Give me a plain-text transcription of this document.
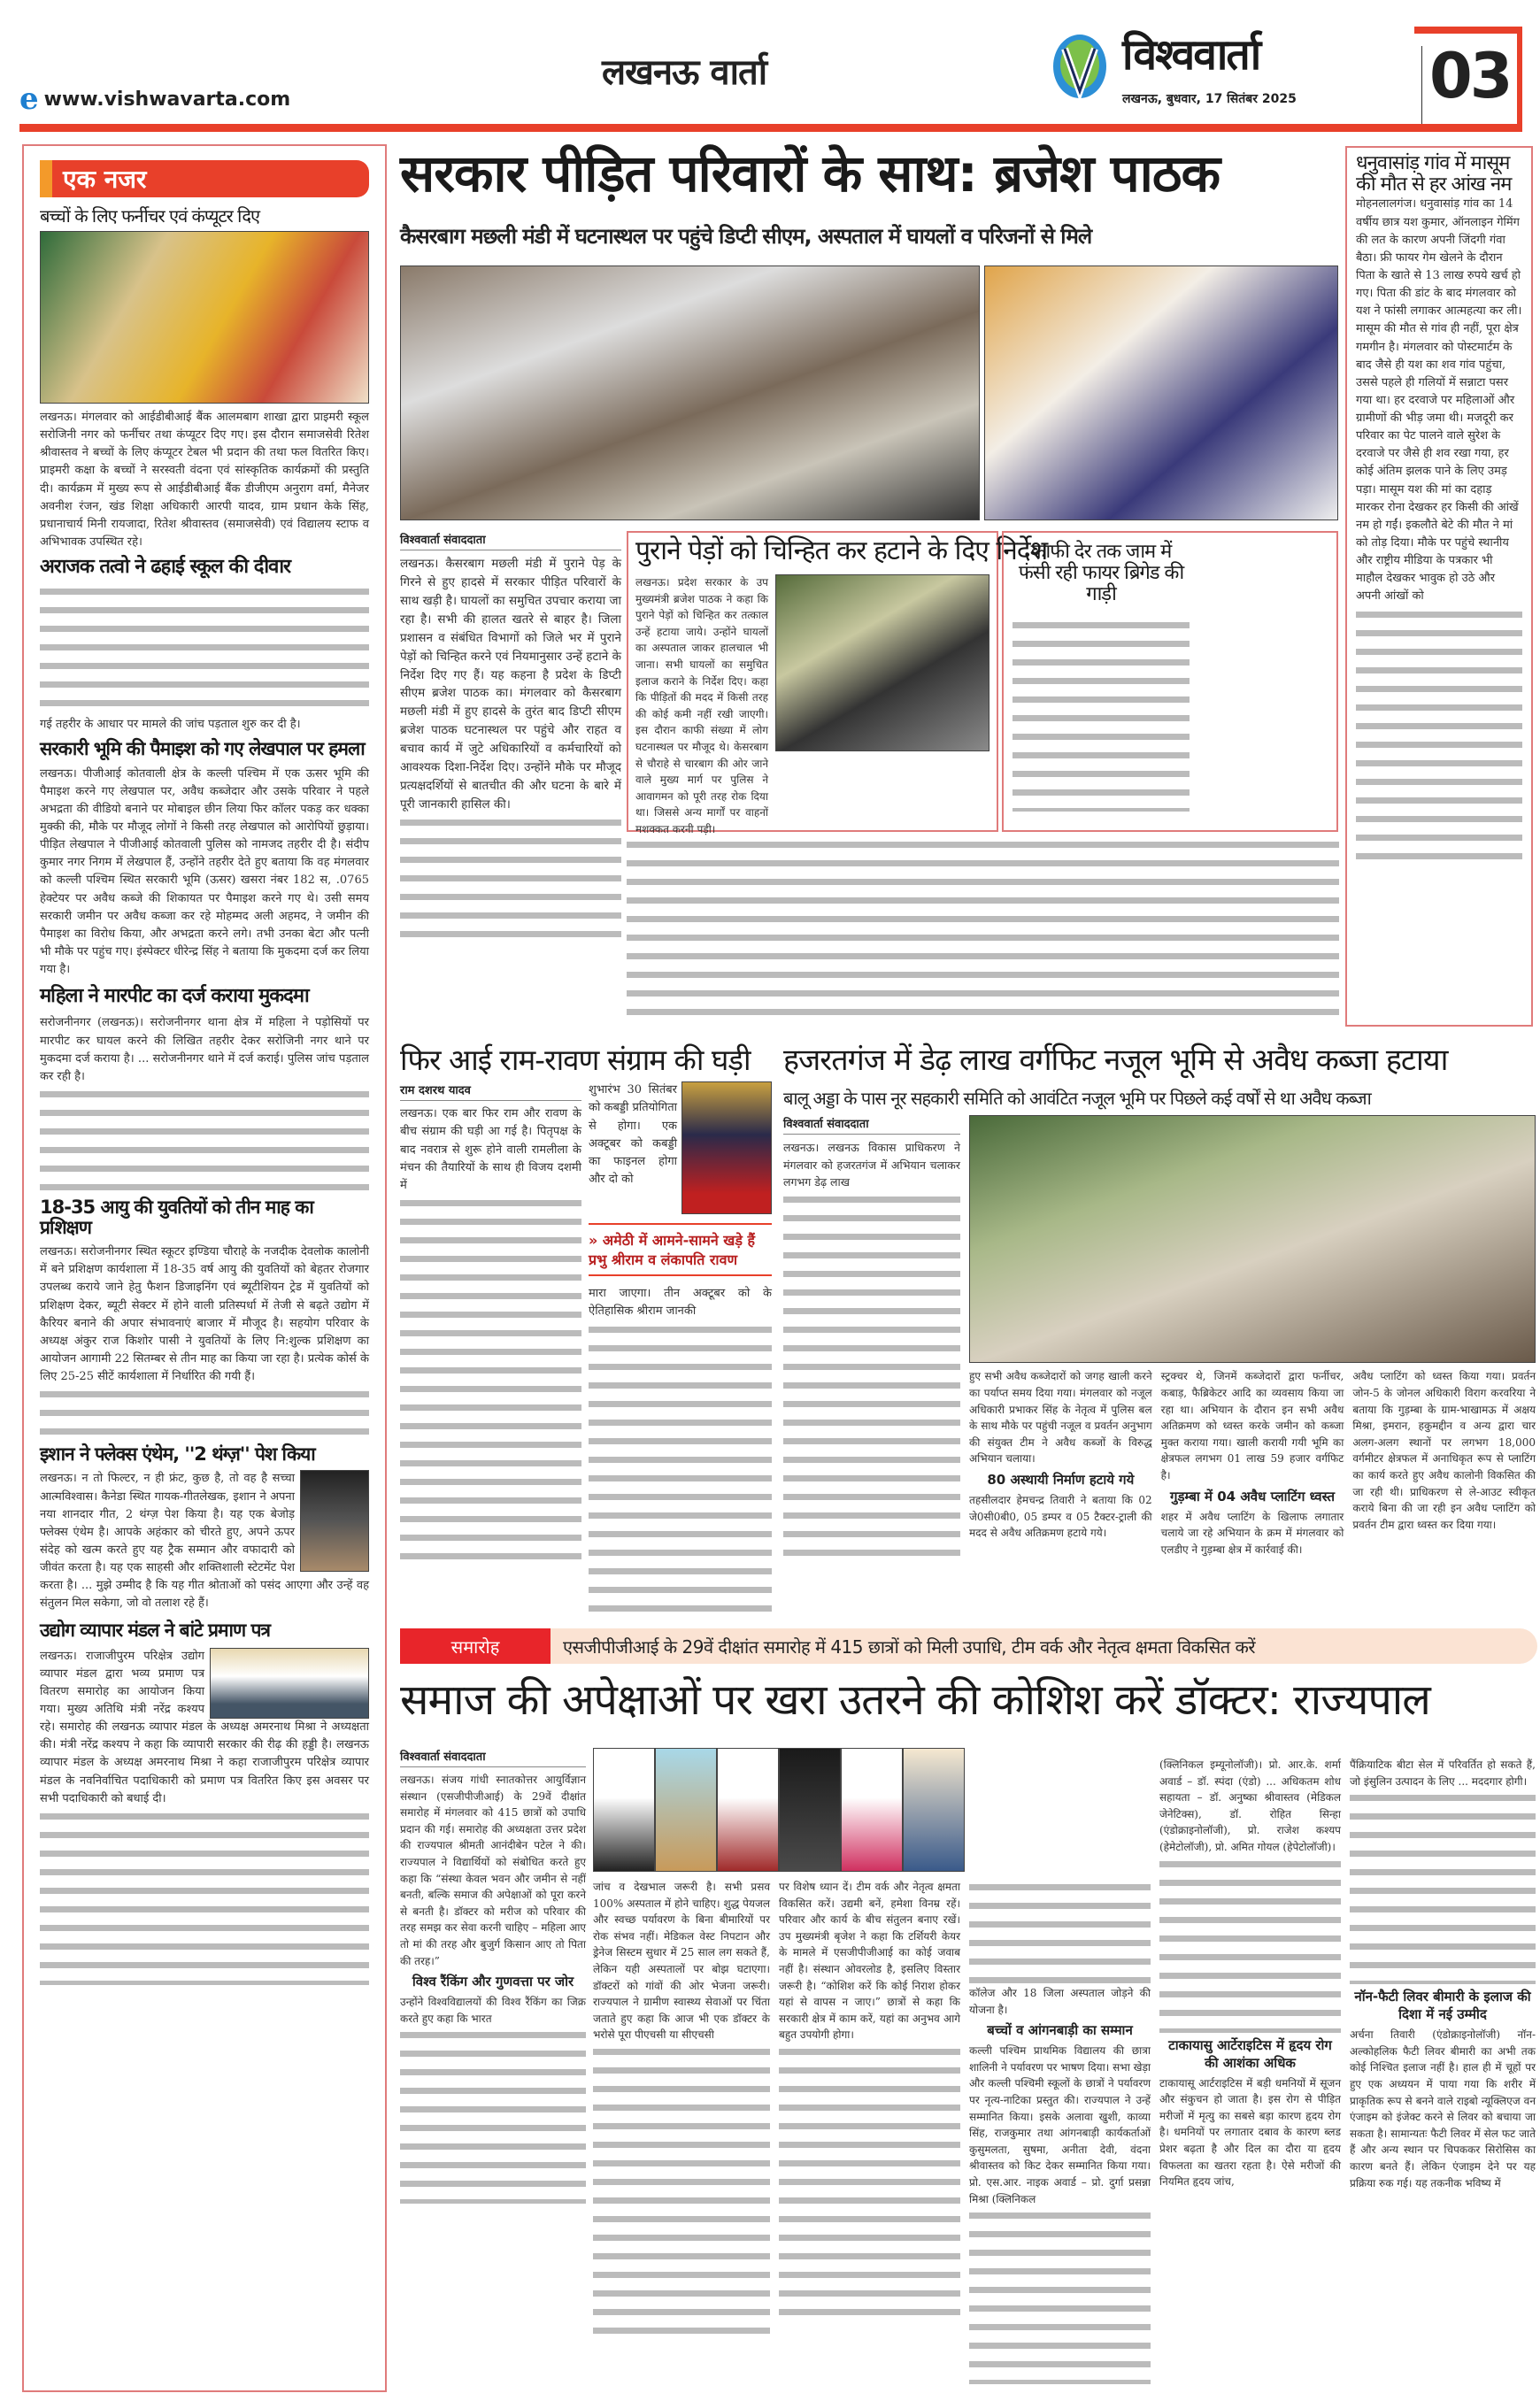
लखनऊ वार्ता
e www.vishwavarta.com
विश्ववार्ता
लखनऊ, बुधवार, 17 सितंबर 2025 03
एक नजर
बच्चों के लिए फर्नीचर एवं कंप्यूटर दिए

लखनऊ। मंगलवार को आईडीबीआई बैंक आलमबाग शाखा द्वारा प्राइमरी स्कूल सरोजिनी नगर को फर्नीचर तथा कंप्यूटर दिए गए। इस दौरान समाजसेवी रितेश श्रीवास्तव ने बच्चों के लिए कंप्यूटर टेबल भी प्रदान की तथा फल वितरित किए। प्राइमरी कक्षा के बच्चों ने सरस्वती वंदना एवं सांस्कृतिक कार्यक्रमों की प्रस्तुति दी। कार्यक्रम में मुख्य रूप से आईडीबीआई बैंक डीजीएम अनुराग वर्मा, मैनेजर अवनीश रंजन, खंड शिक्षा अधिकारी आरपी यादव, ग्राम प्रधान केके सिंह, प्रधानाचार्य मिनी रायजादा, रितेश श्रीवास्तव (समाजसेवी) एवं विद्यालय स्टाफ व अभिभावक उपस्थित रहे।

अराजक तत्वो ने ढहाई स्कूल की दीवार

गई तहरीर के आधार पर मामले की जांच पड़ताल शुरु कर दी है।

सरकारी भूमि की पैमाइश को गए लेखपाल पर हमला

लखनऊ। पीजीआई कोतवाली क्षेत्र के कल्ली पश्चिम में एक ऊसर भूमि की पैमाइश करने गए लेखपाल पर, अवैध कब्जेदार और उसके परिवार ने पहले अभद्रता की वीडियो बनाने पर मोबाइल छीन लिया फिर कॉलर पकड़ कर धक्का मुक्की की, मौके पर मौजूद लोगों ने किसी तरह लेखपाल को आरोपियों छुड़ाया। पीड़ित लेखपाल ने पीजीआई कोतवाली पुलिस को नामजद तहरीर दी है। संदीप कुमार नगर निगम में लेखपाल हैं, उन्होंने तहरीर देते हुए बताया कि वह मंगलवार को कल्ली पश्चिम स्थित सरकारी भूमि (ऊसर) खसरा नंबर 182 स, .0765 हेक्टेयर पर अवैध कब्जे की शिकायत पर पैमाइश करने गए थे। उसी समय सरकारी जमीन पर अवैध कब्जा कर रहे मोहम्मद अली अहमद, ने जमीन की पैमाइश का विरोध किया, और अभद्रता करने लगे। तभी उनका बेटा और पत्नी भी मौके पर पहुंच गए। इंस्पेक्टर धीरेन्द्र सिंह ने बताया कि मुकदमा दर्ज कर लिया गया है।

महिला ने मारपीट का दर्ज कराया मुकदमा

सरोजनीनगर (लखनऊ)। सरोजनीनगर थाना क्षेत्र में महिला ने पड़ोसियों पर मारपीट कर घायल करने की लिखित तहरीर देकर सरोजिनी नगर थाने पर मुकदमा दर्ज कराया है। ... सरोजनीनगर थाने में दर्ज कराई। पुलिस जांच पड़ताल कर रही है।

18-35 आयु की युवतियों को तीन माह का प्रशिक्षण

लखनऊ। सरोजनीनगर स्थित स्कूटर इण्डिया चौराहे के नजदीक देवलोक कालोनी में बने प्रशिक्षण कार्यशाला में 18-35 वर्ष आयु की युवतियों को बेहतर रोजगार उपलब्ध कराये जाने हेतु फैशन डिजाइनिंग एवं ब्यूटीशियन ट्रेड में युवतियों को प्रशिक्षण देकर, ब्यूटी सेक्टर में होने वाली प्रतिस्पर्धा में तेजी से बढ़ते उद्योग में कैरियर बनाने की अपार संभावनाएं बाजार में मौजूद है। सहयोग परिवार के अध्यक्ष अंकुर राज किशोर पासी ने युवतियों के लिए नि:शुल्क प्रशिक्षण का आयोजन आगामी 22 सितम्बर से तीन माह का किया जा रहा है। प्रत्येक कोर्स के लिए 25-25 सीटें कार्यशाला में निर्धारित की गयी हैं।

इशान ने फ्लेक्स एंथेम, ''2 थंग्ज़'' पेश किया

लखनऊ। न तो फिल्टर, न ही फ्रंट, कुछ है, तो वह है सच्चा आत्मविश्वास। कैनेडा स्थित गायक-गीतलेखक, इशान ने अपना नया शानदार गीत, 2 थंग्ज़ पेश किया है। यह एक बेजोड़ फ्लेक्स एंथेम है। आपके अहंकार को चीरते हुए, अपने ऊपर संदेह को खत्म करते हुए यह ट्रैक सम्मान और वफादारी को जीवंत करता है। यह एक साहसी और शक्तिशाली स्टेटमेंट पेश करता है। ... मुझे उम्मीद है कि यह गीत श्रोताओं को पसंद आएगा और उन्हें वह संतुलन मिल सकेगा, जो वो तलाश रहे हैं।

उद्योग व्यापार मंडल ने बांटे प्रमाण पत्र

लखनऊ। राजाजीपुरम परिक्षेत्र उद्योग व्यापार मंडल द्वारा भव्य प्रमाण पत्र वितरण समारोह का आयोजन किया गया। मुख्य अतिथि मंत्री नरेंद्र कश्यप रहे। समारोह की लखनऊ व्यापार मंडल के अध्यक्ष अमरनाथ मिश्रा ने अध्यक्षता की। मंत्री नरेंद्र कश्यप ने कहा कि व्यापारी सरकार की रीढ़ की हड्डी है। लखनऊ व्यापार मंडल के अध्यक्ष अमरनाथ मिश्रा ने कहा राजाजीपुरम परिक्षेत्र व्यापार मंडल के नवनिर्वाचित पदाधिकारी को प्रमाण पत्र वितरित किए इस अवसर पर सभी पदाधिकारी को बधाई दी।

सरकार पीड़ित परिवारों के साथ: ब्रजेश पाठक
कैसरबाग मछली मंडी में घटनास्थल पर पहुंचे डिप्टी सीएम, अस्पताल में घायलों व परिजनों से मिले
विश्ववार्ता संवाददाता

लखनऊ। कैसरबाग मछली मंडी में पुराने पेड़ के गिरने से हुए हादसे में सरकार पीड़ित परिवारों के साथ खड़ी है। घायलों का समुचित उपचार कराया जा रहा है। सभी की हालत खतरे से बाहर है। जिला प्रशासन व संबंधित विभागों को जिले भर में पुराने पेड़ों को चिन्हित करने एवं नियमानुसार उन्हें हटाने के निर्देश दिए गए हैं। यह कहना है प्रदेश के डिप्टी सीएम ब्रजेश पाठक का। मंगलवार को कैसरबाग मछली मंडी में हुए हादसे के तुरंत बाद डिप्टी सीएम ब्रजेश पाठक घटनास्थल पर पहुंचे और राहत व बचाव कार्य में जुटे अधिकारियों व कर्मचारियों को आवश्यक दिशा-निर्देश दिए। उन्होंने मौके पर मौजूद प्रत्यक्षदर्शियों से बातचीत की और घटना के बारे में पूरी जानकारी हासिल की।

पुराने पेड़ों को चिन्हित कर हटाने के दिए निर्देश

लखनऊ। प्रदेश सरकार के उप मुख्यमंत्री ब्रजेश पाठक ने कहा कि पुराने पेड़ों को चिन्हित कर तत्काल उन्हें हटाया जाये। उन्होंने घायलों का अस्पताल जाकर हालचाल भी जाना। सभी घायलों का समुचित इलाज कराने के निर्देश दिए। कहा कि पीड़ितों की मदद में किसी तरह की कोई कमी नहीं रखी जाएगी। इस दौरान काफी संख्या में लोग घटनास्थल पर मौजूद थे। केसरबाग से चौराहे से चारबाग की ओर जाने वाले मुख्य मार्ग पर पुलिस ने आवागमन को पूरी तरह रोक दिया था। जिससे अन्य मार्गों पर वाहनों मशक्कत करनी पड़ी।

काफी देर तक जाम में फंसी रही फायर ब्रिगेड की गाड़ी
धनुवासांड़ गांव में मासूम की मौत से हर आंख नम

मोहनलालगंज। धनुवासांड़ गांव का 14 वर्षीय छात्र यश कुमार, ऑनलाइन गेमिंग की लत के कारण अपनी जिंदगी गंवा बैठा। फ्री फायर गेम खेलने के दौरान पिता के खाते से 13 लाख रुपये खर्च हो गए। पिता की डांट के बाद मंगलवार को यश ने फांसी लगाकर आत्महत्या कर ली। मासूम की मौत से गांव ही नहीं, पूरा क्षेत्र गमगीन है। मंगलवार को पोस्टमार्टम के बाद जैसे ही यश का शव गांव पहुंचा, उससे पहले ही गलियों में सन्नाटा पसर गया था। हर दरवाजे पर महिलाओं और ग्रामीणों की भीड़ जमा थी। मजदूरी कर परिवार का पेट पालने वाले सुरेश के दरवाजे पर जैसे ही शव रखा गया, हर कोई अंतिम झलक पाने के लिए उमड़ पड़ा। मासूम यश की मां का दहाड़ मारकर रोना देखकर हर किसी की आंखें नम हो गईं। इकलौते बेटे की मौत ने मां को तोड़ दिया। मौके पर पहुंचे स्थानीय और राष्ट्रीय मीडिया के पत्रकार भी माहौल देखकर भावुक हो उठे और अपनी आंखों को

फिर आई राम-रावण संग्राम की घड़ी
राम दशरथ यादव

लखनऊ। एक बार फिर राम और रावण के बीच संग्राम की घड़ी आ गई है। पितृपक्ष के बाद नवरात्र से शुरू होने वाली रामलीला के मंचन की तैयारियों के साथ ही विजय दशमी में

शुभारंभ 30 सितंबर को कबड्डी प्रतियोगिता से होगा। एक अक्टूबर को कबड्डी का फाइनल होगा और दो को

» अमेठी में आमने-सामने खड़े हैं प्रभु श्रीराम व लंकापति रावण

मारा जाएगा। तीन अक्टूबर को के ऐतिहासिक श्रीराम जानकी

हजरतगंज में डेढ़ लाख वर्गफिट नजूल भूमि से अवैध कब्जा हटाया
बालू अड्डा के पास नूर सहकारी समिति को आवंटित नजूल भूमि पर पिछले कई वर्षों से था अवैध कब्जा
विश्ववार्ता संवाददाता

लखनऊ। लखनऊ विकास प्राधिकरण ने मंगलवार को हजरतगंज में अभियान चलाकर लगभग डेढ़ लाख

हुए सभी अवैध कब्जेदारों को जगह खाली करने का पर्याप्त समय दिया गया। मंगलवार को नजूल अधिकारी प्रभाकर सिंह के नेतृत्व में पुलिस बल के साथ मौके पर पहुंची नजूल व प्रवर्तन अनुभाग की संयुक्त टीम ने अवैध कब्जों के विरुद्ध अभियान चलाया।

80 अस्थायी निर्माण हटाये गये

तहसीलदार हेमचन्द्र तिवारी ने बताया कि 02 जे0सी0बी0, 05 डम्पर व 05 टैक्टर-ट्राली की मदद से अवैध अतिक्रमण हटाये गये।

स्ट्रक्चर थे, जिनमें कब्जेदारों द्वारा फर्नीचर, कबाड़, फैब्रिकेटर आदि का व्यवसाय किया जा रहा था। अभियान के दौरान इन सभी अवैध अतिक्रमण को ध्वस्त करके जमीन को कब्जा मुक्त कराया गया। खाली करायी गयी भूमि का क्षेत्रफल लगभग 01 लाख 59 हजार वर्गफिट है।

गुड़म्बा में 04 अवैध प्लाटिंग ध्वस्त

शहर में अवैध प्लाटिंग के खिलाफ लगातार चलाये जा रहे अभियान के क्रम में मंगलवार को एलडीए ने गुड़म्बा क्षेत्र में कार्रवाई की।

अवैध प्लाटिंग को ध्वस्त किया गया। प्रवर्तन जोन-5 के जोनल अधिकारी विराग करवरिया ने बताया कि गुड़म्बा के ग्राम-भाखामऊ में अक्षय मिश्रा, इमरान, हकुमद्दीन व अन्य द्वारा चार अलग-अलग स्थानों पर लगभग 18,000 वर्गमीटर क्षेत्रफल में अनाधिकृत रूप से प्लाटिंग का कार्य करते हुए अवैध कालोनी विकसित की जा रही थी। प्राधिकरण से ले-आउट स्वीकृत कराये बिना की जा रही इन अवैध प्लाटिंग को प्रवर्तन टीम द्वारा ध्वस्त कर दिया गया।

समारोह	एसजीपीजीआई के 29वें दीक्षांत समारोह में 415 छात्रों को मिली उपाधि, टीम वर्क और नेतृत्व क्षमता विकसित करें
समाज की अपेक्षाओं पर खरा उतरने की कोशिश करें डॉक्टर: राज्यपाल
विश्ववार्ता संवाददाता

लखनऊ। संजय गांधी स्नातकोत्तर आयुर्विज्ञान संस्थान (एसजीपीजीआई) के 29वें दीक्षांत समारोह में मंगलवार को 415 छात्रों को उपाधि प्रदान की गई। समारोह की अध्यक्षता उत्तर प्रदेश की राज्यपाल श्रीमती आनंदीबेन पटेल ने की। राज्यपाल ने विद्यार्थियों को संबोधित करते हुए कहा कि “संस्था केवल भवन और जमीन से नहीं बनती, बल्कि समाज की अपेक्षाओं को पूरा करने से बनती है। डॉक्टर को मरीज को परिवार की तरह समझ कर सेवा करनी चाहिए – महिला आए तो मां की तरह और बुजुर्ग किसान आए तो पिता की तरह।”

विश्व रैंकिंग और गुणवत्ता पर जोर

उन्होंने विश्वविद्यालयों की विश्व रैंकिंग का जिक्र करते हुए कहा कि भारत

जांच व देखभाल जरूरी है। सभी प्रसव 100% अस्पताल में होने चाहिए। शुद्ध पेयजल और स्वच्छ पर्यावरण के बिना बीमारियों पर रोक संभव नहीं। मेडिकल वेस्ट निपटान और ड्रेनेज सिस्टम सुधार में 25 साल लग सकते हैं, लेकिन यही अस्पतालों पर बोझ घटाएगा। डॉक्टरों को गांवों की ओर भेजना जरूरी। राज्यपाल ने ग्रामीण स्वास्थ्य सेवाओं पर चिंता जताते हुए कहा कि आज भी एक डॉक्टर के भरोसे पूरा पीएचसी या सीएचसी

पर विशेष ध्यान दें। टीम वर्क और नेतृत्व क्षमता विकसित करें। उद्यमी बनें, हमेशा विनम्र रहें। परिवार और कार्य के बीच संतुलन बनाए रखें। उप मुख्यमंत्री बृजेश ने कहा कि टर्शियरी केयर के मामले में एसजीपीजीआई का कोई जवाब नहीं है। संस्थान ओवरलोड है, इसलिए विस्तार जरूरी है। “कोशिश करें कि कोई निराश होकर यहां से वापस न जाए।” छात्रों से कहा कि सरकारी क्षेत्र में काम करें, यहां का अनुभव आगे बहुत उपयोगी होगा।

कॉलेज और 18 जिला अस्पताल जोड़ने की योजना है।

बच्चों व आंगनबाड़ी का सम्मान

कल्ली पश्चिम प्राथमिक विद्यालय की छात्रा शालिनी ने पर्यावरण पर भाषण दिया। सभा खेड़ा और कल्ली पश्चिमी स्कूलों के छात्रों ने पर्यावरण पर नृत्य-नाटिका प्रस्तुत की। राज्यपाल ने उन्हें सम्मानित किया। इसके अलावा खुशी, काव्या सिंह, राजकुमार तथा आंगनबाड़ी कार्यकर्ताओं कुसुमलता, सुषमा, अनीता देवी, वंदना श्रीवास्तव को किट देकर सम्मानित किया गया। प्रो. एस.आर. नाइक अवार्ड – प्रो. दुर्गा प्रसन्ना मिश्रा (क्लिनिकल

(क्लिनिकल इम्यूनोलॉजी)। प्रो. आर.के. शर्मा अवार्ड – डॉ. स्पंदा (एंडो) ... अधिकतम शोध सहायता – डॉ. अनुष्का श्रीवास्तव (मेडिकल जेनेटिक्स), डॉ. रोहित सिन्हा (एंडोक्राइनोलॉजी), प्रो. राजेश कश्यप (हेमेटोलॉजी), प्रो. अमित गोयल (हेपेटोलॉजी)।

टाकायासु आर्टेराइटिस में हृदय रोग की आशंका अधिक

टाकायासू आर्टराइटिस में बड़ी धमनियों में सूजन और संकुचन हो जाता है। इस रोग से पीड़ित मरीजों में मृत्यु का सबसे बड़ा कारण हृदय रोग है। धमनियों पर लगातार दबाव के कारण ब्लड प्रेशर बढ़ता है और दिल का दौरा या हृदय विफलता का खतरा रहता है। ऐसे मरीजों की नियमित हृदय जांच,

पैंक्रियाटिक बीटा सेल में परिवर्तित हो सकते हैं, जो इंसुलिन उत्पादन के लिए ... मददगार होगी।

नॉन-फैटी लिवर बीमारी के इलाज की दिशा में नई उम्मीद

अर्चना तिवारी (एंडोक्राइनोलॉजी) नॉन-अल्कोहलिक फैटी लिवर बीमारी का अभी तक कोई निश्चित इलाज नहीं है। हाल ही में चूहों पर हुए एक अध्ययन में पाया गया कि शरीर में प्राकृतिक रूप से बनने वाले राइबो न्यूक्लिएज वन एंजाइम को इंजेक्ट करने से लिवर को बचाया जा सकता है। सामान्यतः फैटी लिवर में सेल फट जाते हैं और अन्य स्थान पर चिपककर सिरोसिस का कारण बनते हैं। लेकिन एंजाइम देने पर यह प्रक्रिया रुक गई। यह तकनीक भविष्य में
